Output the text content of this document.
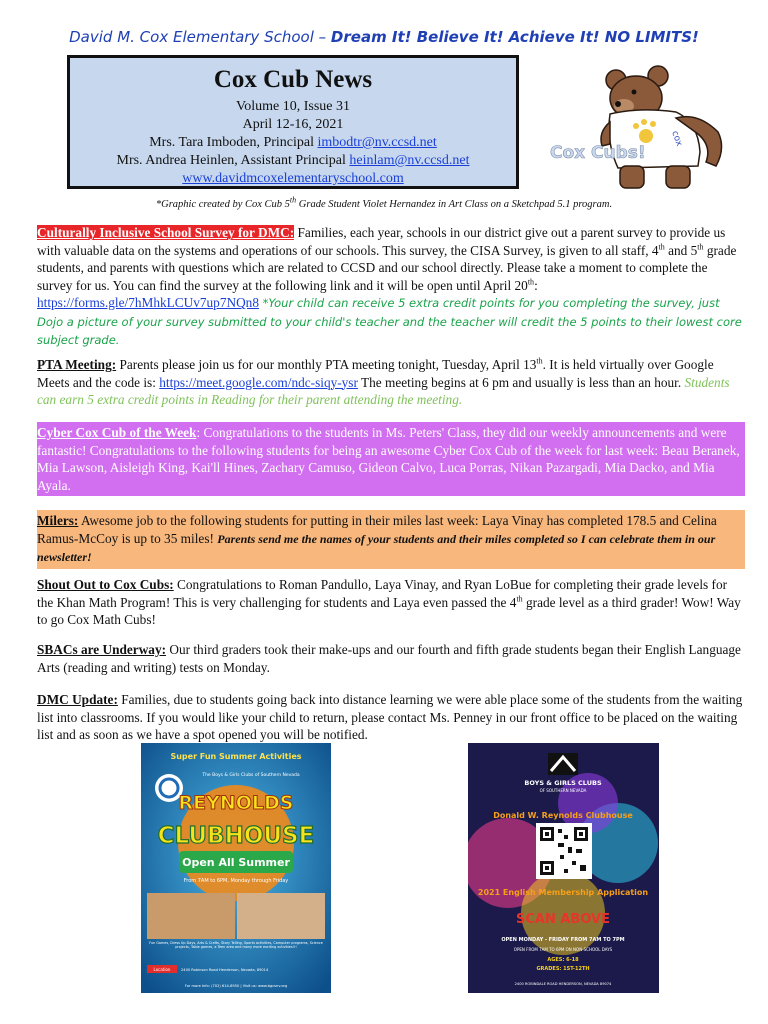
David M. Cox Elementary School – Dream It! Believe It! Achieve It! NO LIMITS!
Cox Cub News
Volume 10, Issue 31
April 12-16, 2021
Mrs. Tara Imboden, Principal imbodtr@nv.ccsd.net
Mrs. Andrea Heinlen, Assistant Principal heinlam@nv.ccsd.net
www.davidmcoxelementaryschool.com
cox
Cox Cubs!
*Graphic created by Cox Cub 5th Grade Student Violet Hernandez in Art Class on a Sketchpad 5.1 program.
Culturally Inclusive School Survey for DMC: Families, each year, schools in our district give out a parent survey to provide us with valuable data on the systems and operations of our schools. This survey, the CISA Survey, is given to all staff, 4th and 5th grade students, and parents with questions which are related to CCSD and our school directly. Please take a moment to complete the survey for us. You can find the survey at the following link and it will be open until April 20th:
https://forms.gle/7hMhkLCUv7up7NQn8 *Your child can receive 5 extra credit points for you completing the survey, just Dojo a picture of your survey submitted to your child's teacher and the teacher will credit the 5 points to their lowest core subject grade.
PTA Meeting: Parents please join us for our monthly PTA meeting tonight, Tuesday, April 13th. It is held virtually over Google Meets and the code is: https://meet.google.com/ndc-siqy-ysr The meeting begins at 6 pm and usually is less than an hour. Students can earn 5 extra credit points in Reading for their parent attending the meeting.
Cyber Cox Cub of the Week: Congratulations to the students in Ms. Peters' Class, they did our weekly announcements and were fantastic! Congratulations to the following students for being an awesome Cyber Cox Cub of the week for last week: Beau Beranek, Mia Lawson, Aisleigh King, Kai'll Hines, Zachary Camuso, Gideon Calvo, Luca Porras, Nikan Pazargadi, Mia Dacko, and Mia Ayala.
Milers: Awesome job to the following students for putting in their miles last week: Laya Vinay has completed 178.5 and Celina Ramus-McCoy is up to 35 miles! Parents send me the names of your students and their miles completed so I can celebrate them in our newsletter!
Shout Out to Cox Cubs: Congratulations to Roman Pandullo, Laya Vinay, and Ryan LoBue for completing their grade levels for the Khan Math Program! This is very challenging for students and Laya even passed the 4th grade level as a third grader! Wow! Way to go Cox Math Cubs!
SBACs are Underway: Our third graders took their make-ups and our fourth and fifth grade students began their English Language Arts (reading and writing) tests on Monday.
DMC Update: Families, due to students going back into distance learning we were able place some of the students from the waiting list into classrooms. If you would like your child to return, please contact Ms. Penney in our front office to be placed on the waiting list and as soon as we have a spot opened you will be notified.
Super Fun Summer Activities
The Boys & Girls Clubs of Southern Nevada
REYNOLDS
CLUBHOUSE
Open All Summer
From 7AM to 6PM, Monday through Friday
Fun Games, Dress Up Days, Arts & Crafts, Story Telling, Sports activities, Computer programs, Science projects, Table games, a Teen area and many more exciting activities!!!
Location	2400 Robinson Road Henderson, Nevada, 89014
For more Info: (702) 614-8950 | Visit us: www.bgcsnv.org
BOYS & GIRLS CLUBS
OF SOUTHERN NEVADA
Donald W. Reynolds Clubhouse
2021 English Membership Application
SCAN ABOVE
OPEN MONDAY - FRIDAY FROM 7AM TO 7PM
OPEN FROM 7AM TO 6PM ON NON-SCHOOL DAYS
AGES: 6-18
GRADES: 1ST-12TH
2400 ROBINDALE ROAD HENDERSON, NEVADA 89074
